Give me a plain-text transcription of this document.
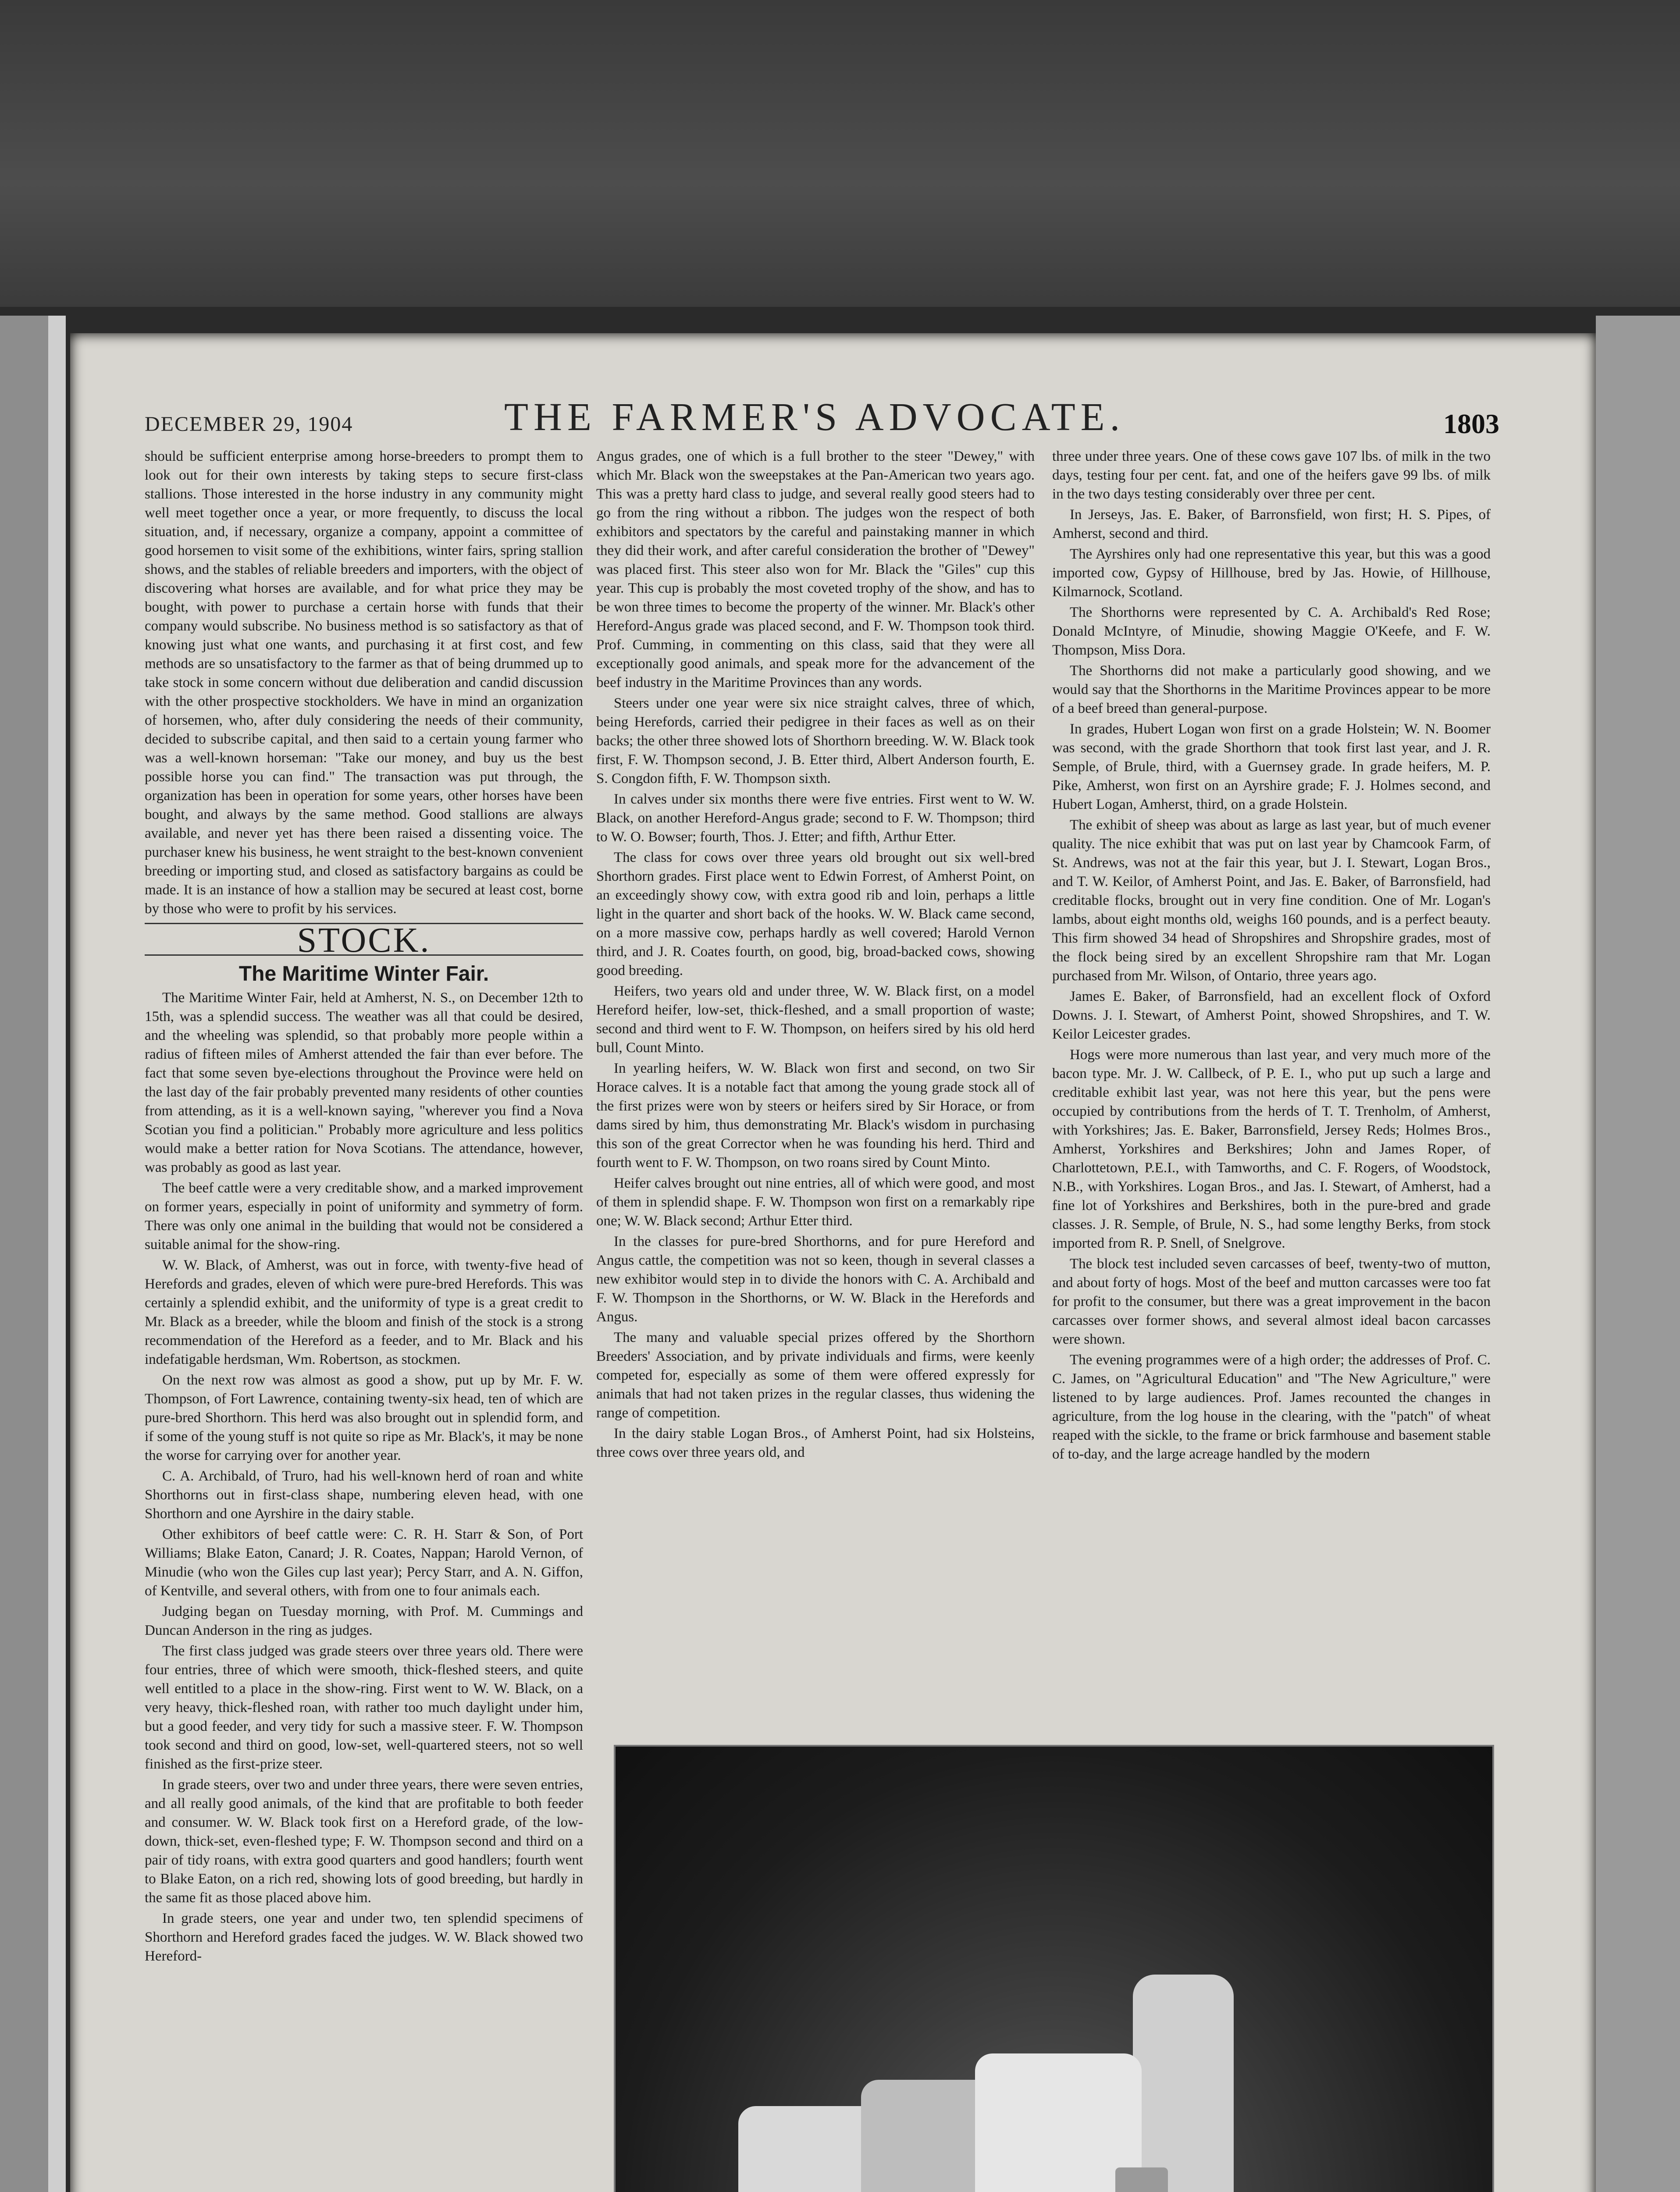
DECEMBER 29, 1904	THE FARMER'S ADVOCATE.	1803

should be sufficient enterprise among horse-breeders to prompt them to look out for their own interests by taking steps to secure first-class stallions. Those interested in the horse industry in any community might well meet together once a year, or more frequently, to discuss the local situation, and, if necessary, organize a company, appoint a committee of good horsemen to visit some of the exhibitions, winter fairs, spring stallion shows, and the stables of reliable breeders and importers, with the object of discovering what horses are available, and for what price they may be bought, with power to purchase a certain horse with funds that their company would subscribe. No business method is so satisfactory as that of knowing just what one wants, and purchasing it at first cost, and few methods are so unsatisfactory to the farmer as that of being drummed up to take stock in some concern without due deliberation and candid discussion with the other prospective stockholders. We have in mind an organization of horsemen, who, after duly considering the needs of their community, decided to subscribe capital, and then said to a certain young farmer who was a well-known horseman: "Take our money, and buy us the best possible horse you can find." The transaction was put through, the organization has been in operation for some years, other horses have been bought, and always by the same method. Good stallions are always available, and never yet has there been raised a dissenting voice. The purchaser knew his business, he went straight to the best-known convenient breeding or importing stud, and closed as satisfactory bargains as could be made. It is an instance of how a stallion may be secured at least cost, borne by those who were to profit by his services.

STOCK.
The Maritime Winter Fair.

The Maritime Winter Fair, held at Amherst, N. S., on December 12th to 15th, was a splendid success. The weather was all that could be desired, and the wheeling was splendid, so that probably more people within a radius of fifteen miles of Amherst attended the fair than ever before. The fact that some seven bye-elections throughout the Province were held on the last day of the fair probably prevented many residents of other counties from attending, as it is a well-known saying, "wherever you find a Nova Scotian you find a politician." Probably more agriculture and less politics would make a better ration for Nova Scotians. The attendance, however, was probably as good as last year.

The beef cattle were a very creditable show, and a marked improvement on former years, especially in point of uniformity and symmetry of form. There was only one animal in the building that would not be considered a suitable animal for the show-ring.

W. W. Black, of Amherst, was out in force, with twenty-five head of Herefords and grades, eleven of which were pure-bred Herefords. This was certainly a splendid exhibit, and the uniformity of type is a great credit to Mr. Black as a breeder, while the bloom and finish of the stock is a strong recommendation of the Hereford as a feeder, and to Mr. Black and his indefatigable herdsman, Wm. Robertson, as stockmen.

On the next row was almost as good a show, put up by Mr. F. W. Thompson, of Fort Lawrence, containing twenty-six head, ten of which are pure-bred Shorthorn. This herd was also brought out in splendid form, and if some of the young stuff is not quite so ripe as Mr. Black's, it may be none the worse for carrying over for another year.

C. A. Archibald, of Truro, had his well-known herd of roan and white Shorthorns out in first-class shape, numbering eleven head, with one Shorthorn and one Ayrshire in the dairy stable.

Other exhibitors of beef cattle were: C. R. H. Starr & Son, of Port Williams; Blake Eaton, Canard; J. R. Coates, Nappan; Harold Vernon, of Minudie (who won the Giles cup last year); Percy Starr, and A. N. Giffon, of Kentville, and several others, with from one to four animals each.

Judging began on Tuesday morning, with Prof. M. Cummings and Duncan Anderson in the ring as judges.

The first class judged was grade steers over three years old. There were four entries, three of which were smooth, thick-fleshed steers, and quite well entitled to a place in the show-ring. First went to W. W. Black, on a very heavy, thick-fleshed roan, with rather too much daylight under him, but a good feeder, and very tidy for such a massive steer. F. W. Thompson took second and third on good, low-set, well-quartered steers, not so well finished as the first-prize steer.

In grade steers, over two and under three years, there were seven entries, and all really good animals, of the kind that are profitable to both feeder and consumer. W. W. Black took first on a Hereford grade, of the low-down, thick-set, even-fleshed type; F. W. Thompson second and third on a pair of tidy roans, with extra good quarters and good handlers; fourth went to Blake Eaton, on a rich red, showing lots of good breeding, but hardly in the same fit as those placed above him.

In grade steers, one year and under two, ten splendid specimens of Shorthorn and Hereford grades faced the judges. W. W. Black showed two Hereford-

Angus grades, one of which is a full brother to the steer "Dewey," with which Mr. Black won the sweepstakes at the Pan-American two years ago. This was a pretty hard class to judge, and several really good steers had to go from the ring without a ribbon. The judges won the respect of both exhibitors and spectators by the careful and painstaking manner in which they did their work, and after careful consideration the brother of "Dewey" was placed first. This steer also won for Mr. Black the "Giles" cup this year. This cup is probably the most coveted trophy of the show, and has to be won three times to become the property of the winner. Mr. Black's other Hereford-Angus grade was placed second, and F. W. Thompson took third. Prof. Cumming, in commenting on this class, said that they were all exceptionally good animals, and speak more for the advancement of the beef industry in the Maritime Provinces than any words.

Steers under one year were six nice straight calves, three of which, being Herefords, carried their pedigree in their faces as well as on their backs; the other three showed lots of Shorthorn breeding. W. W. Black took first, F. W. Thompson second, J. B. Etter third, Albert Anderson fourth, E. S. Congdon fifth, F. W. Thompson sixth.

In calves under six months there were five entries. First went to W. W. Black, on another Hereford-Angus grade; second to F. W. Thompson; third to W. O. Bowser; fourth, Thos. J. Etter; and fifth, Arthur Etter.

The class for cows over three years old brought out six well-bred Shorthorn grades. First place went to Edwin Forrest, of Amherst Point, on an exceedingly showy cow, with extra good rib and loin, perhaps a little light in the quarter and short back of the hooks. W. W. Black came second, on a more massive cow, perhaps hardly as well covered; Harold Vernon third, and J. R. Coates fourth, on good, big, broad-backed cows, showing good breeding.

Heifers, two years old and under three, W. W. Black first, on a model Hereford heifer, low-set, thick-fleshed, and a small proportion of waste; second and third went to F. W. Thompson, on heifers sired by his old herd bull, Count Minto.

In yearling heifers, W. W. Black won first and second, on two Sir Horace calves. It is a notable fact that among the young grade stock all of the first prizes were won by steers or heifers sired by Sir Horace, or from dams sired by him, thus demonstrating Mr. Black's wisdom in purchasing this son of the great Corrector when he was founding his herd. Third and fourth went to F. W. Thompson, on two roans sired by Count Minto.

Heifer calves brought out nine entries, all of which were good, and most of them in splendid shape. F. W. Thompson won first on a remarkably ripe one; W. W. Black second; Arthur Etter third.

In the classes for pure-bred Shorthorns, and for pure Hereford and Angus cattle, the competition was not so keen, though in several classes a new exhibitor would step in to divide the honors with C. A. Archibald and F. W. Thompson in the Shorthorns, or W. W. Black in the Herefords and Angus.

The many and valuable special prizes offered by the Shorthorn Breeders' Association, and by private individuals and firms, were keenly competed for, especially as some of them were offered expressly for animals that had not taken prizes in the regular classes, thus widening the range of competition.

In the dairy stable Logan Bros., of Amherst Point, had six Holsteins, three cows over three years old, and

three under three years. One of these cows gave 107 lbs. of milk in the two days, testing four per cent. fat, and one of the heifers gave 99 lbs. of milk in the two days testing considerably over three per cent.

In Jerseys, Jas. E. Baker, of Barronsfield, won first; H. S. Pipes, of Amherst, second and third.

The Ayrshires only had one representative this year, but this was a good imported cow, Gypsy of Hillhouse, bred by Jas. Howie, of Hillhouse, Kilmarnock, Scotland.

The Shorthorns were represented by C. A. Archibald's Red Rose; Donald McIntyre, of Minudie, showing Maggie O'Keefe, and F. W. Thompson, Miss Dora.

The Shorthorns did not make a particularly good showing, and we would say that the Shorthorns in the Maritime Provinces appear to be more of a beef breed than general-purpose.

In grades, Hubert Logan won first on a grade Holstein; W. N. Boomer was second, with the grade Shorthorn that took first last year, and J. R. Semple, of Brule, third, with a Guernsey grade. In grade heifers, M. P. Pike, Amherst, won first on an Ayrshire grade; F. J. Holmes second, and Hubert Logan, Amherst, third, on a grade Holstein.

The exhibit of sheep was about as large as last year, but of much evener quality. The nice exhibit that was put on last year by Chamcook Farm, of St. Andrews, was not at the fair this year, but J. I. Stewart, Logan Bros., and T. W. Keilor, of Amherst Point, and Jas. E. Baker, of Barronsfield, had creditable flocks, brought out in very fine condition. One of Mr. Logan's lambs, about eight months old, weighs 160 pounds, and is a perfect beauty. This firm showed 34 head of Shropshires and Shropshire grades, most of the flock being sired by an excellent Shropshire ram that Mr. Logan purchased from Mr. Wilson, of Ontario, three years ago.

James E. Baker, of Barronsfield, had an excellent flock of Oxford Downs. J. I. Stewart, of Amherst Point, showed Shropshires, and T. W. Keilor Leicester grades.

Hogs were more numerous than last year, and very much more of the bacon type. Mr. J. W. Callbeck, of P. E. I., who put up such a large and creditable exhibit last year, was not here this year, but the pens were occupied by contributions from the herds of T. T. Trenholm, of Amherst, with Yorkshires; Jas. E. Baker, Barronsfield, Jersey Reds; Holmes Bros., Amherst, Yorkshires and Berkshires; John and James Roper, of Charlottetown, P.E.I., with Tamworths, and C. F. Rogers, of Woodstock, N.B., with Yorkshires. Logan Bros., and Jas. I. Stewart, of Amherst, had a fine lot of Yorkshires and Berkshires, both in the pure-bred and grade classes. J. R. Semple, of Brule, N. S., had some lengthy Berks, from stock imported from R. P. Snell, of Snelgrove.

The block test included seven carcasses of beef, twenty-two of mutton, and about forty of hogs. Most of the beef and mutton carcasses were too fat for profit to the consumer, but there was a great improvement in the bacon carcasses over former shows, and several almost ideal bacon carcasses were shown.

The evening programmes were of a high order; the addresses of Prof. C. C. James, on "Agricultural Education" and "The New Agriculture," were listened to by large audiences. Prof. James recounted the changes in agriculture, from the log house in the clearing, with the "patch" of wheat reaped with the sickle, to the frame or brick farmhouse and basement stable of to-day, and the large acreage handled by the modern
